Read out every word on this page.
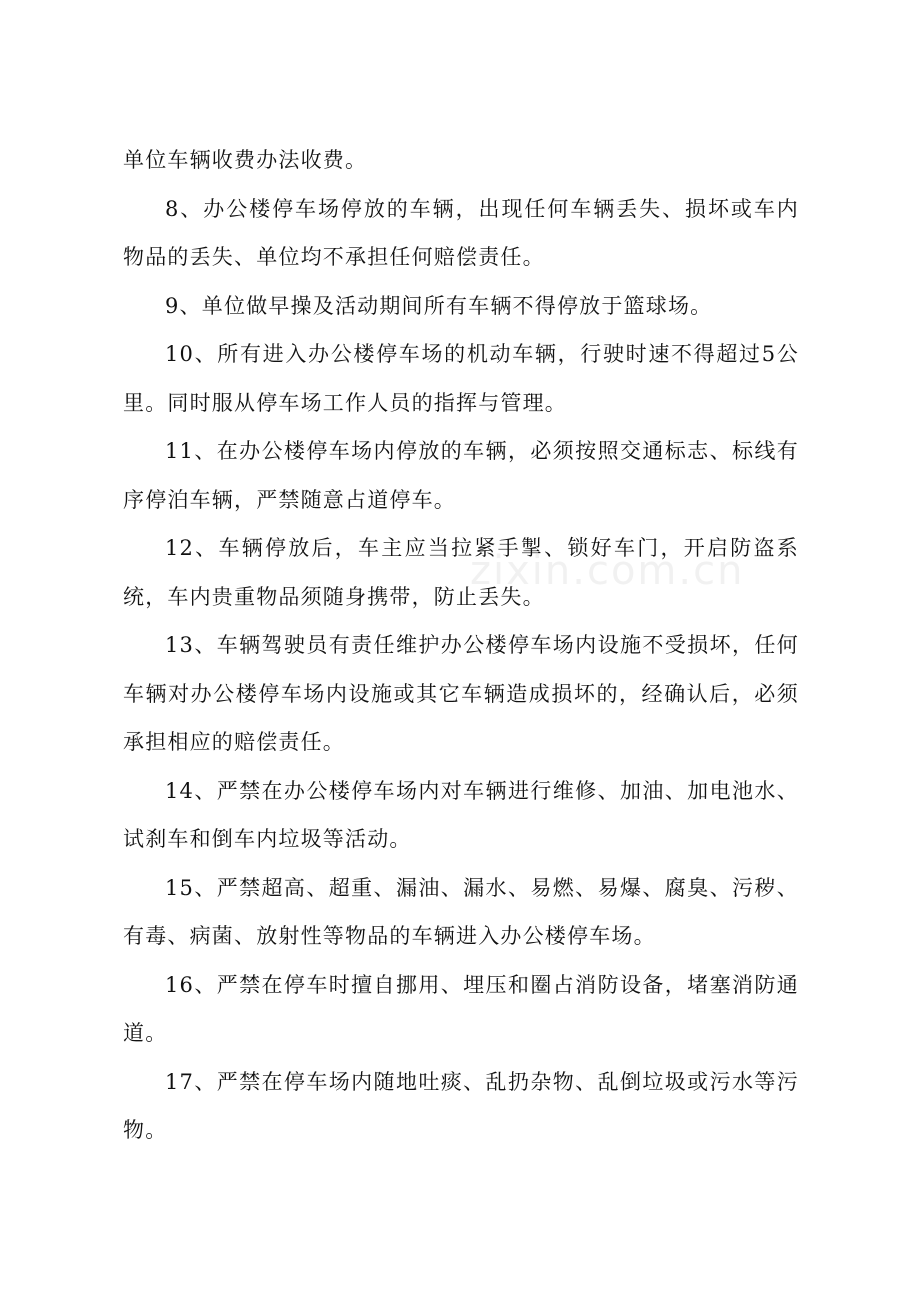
单位车辆收费办法收费。

8、办公楼停车场停放的车辆，出现任何车辆丢失、损坏或车内物品的丢失、单位均不承担任何赔偿责任。

9、单位做早操及活动期间所有车辆不得停放于篮球场。

10、所有进入办公楼停车场的机动车辆，行驶时速不得超过5公里。同时服从停车场工作人员的指挥与管理。

11、在办公楼停车场内停放的车辆，必须按照交通标志、标线有序停泊车辆，严禁随意占道停车。

12、车辆停放后，车主应当拉紧手掣、锁好车门，开启防盗系统，车内贵重物品须随身携带，防止丢失。

13、车辆驾驶员有责任维护办公楼停车场内设施不受损坏，任何车辆对办公楼停车场内设施或其它车辆造成损坏的，经确认后，必须承担相应的赔偿责任。

14、严禁在办公楼停车场内对车辆进行维修、加油、加电池水、试刹车和倒车内垃圾等活动。

15、严禁超高、超重、漏油、漏水、易燃、易爆、腐臭、污秽、有毒、病菌、放射性等物品的车辆进入办公楼停车场。

16、严禁在停车时擅自挪用、埋压和圈占消防设备，堵塞消防通道。

17、严禁在停车场内随地吐痰、乱扔杂物、乱倒垃圾或污水等污物。

zixin.com.cn
